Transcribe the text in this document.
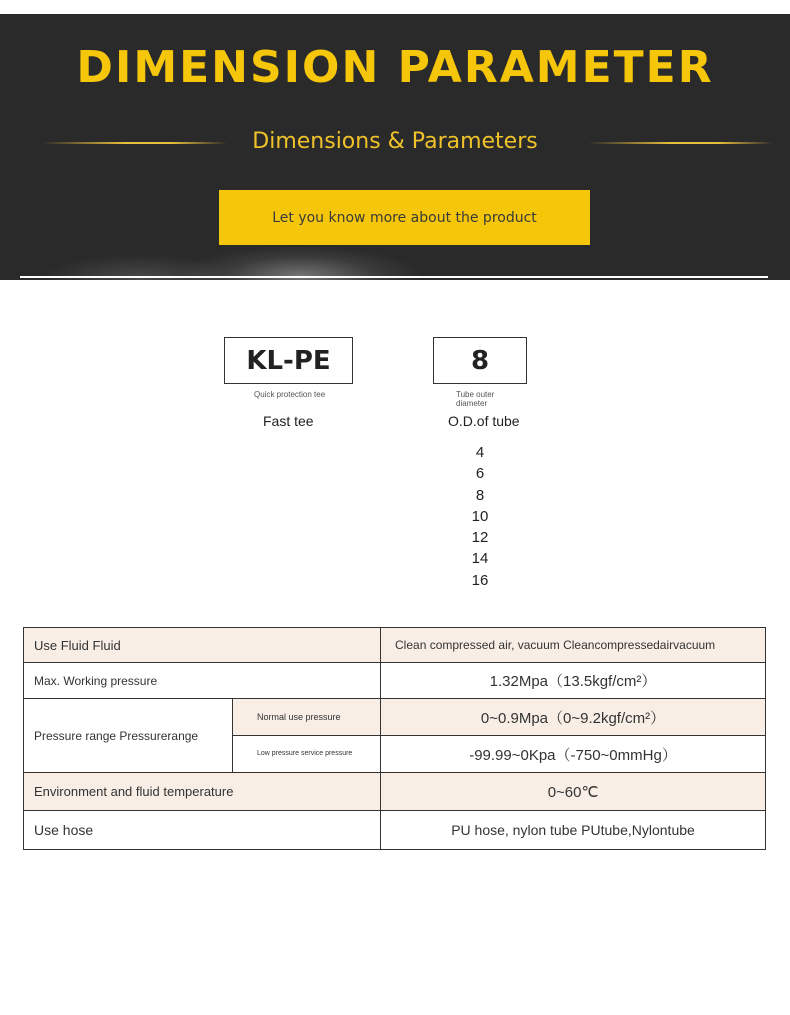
DIMENSION PARAMETER
Dimensions & Parameters
Let you know more about the product
KL-PE
Quick protection tee
Fast tee
8
Tube outer diameter
O.D.of tube
4
6
8
10
12
14
16
Use Fluid Fluid		Clean compressed air, vacuum Cleancompressedairvacuum
Max. Working pressure		1.32Mpa（13.5kgf/cm²）
Pressure range Pressurerange	Normal use pressure	0~0.9Mpa（0~9.2kgf/cm²）
	Low pressure service pressure	-99.99~0Kpa（-750~0mmHg）
Environment and fluid temperature		0~60℃
Use hose		PU hose, nylon tube PUtube,Nylontube
